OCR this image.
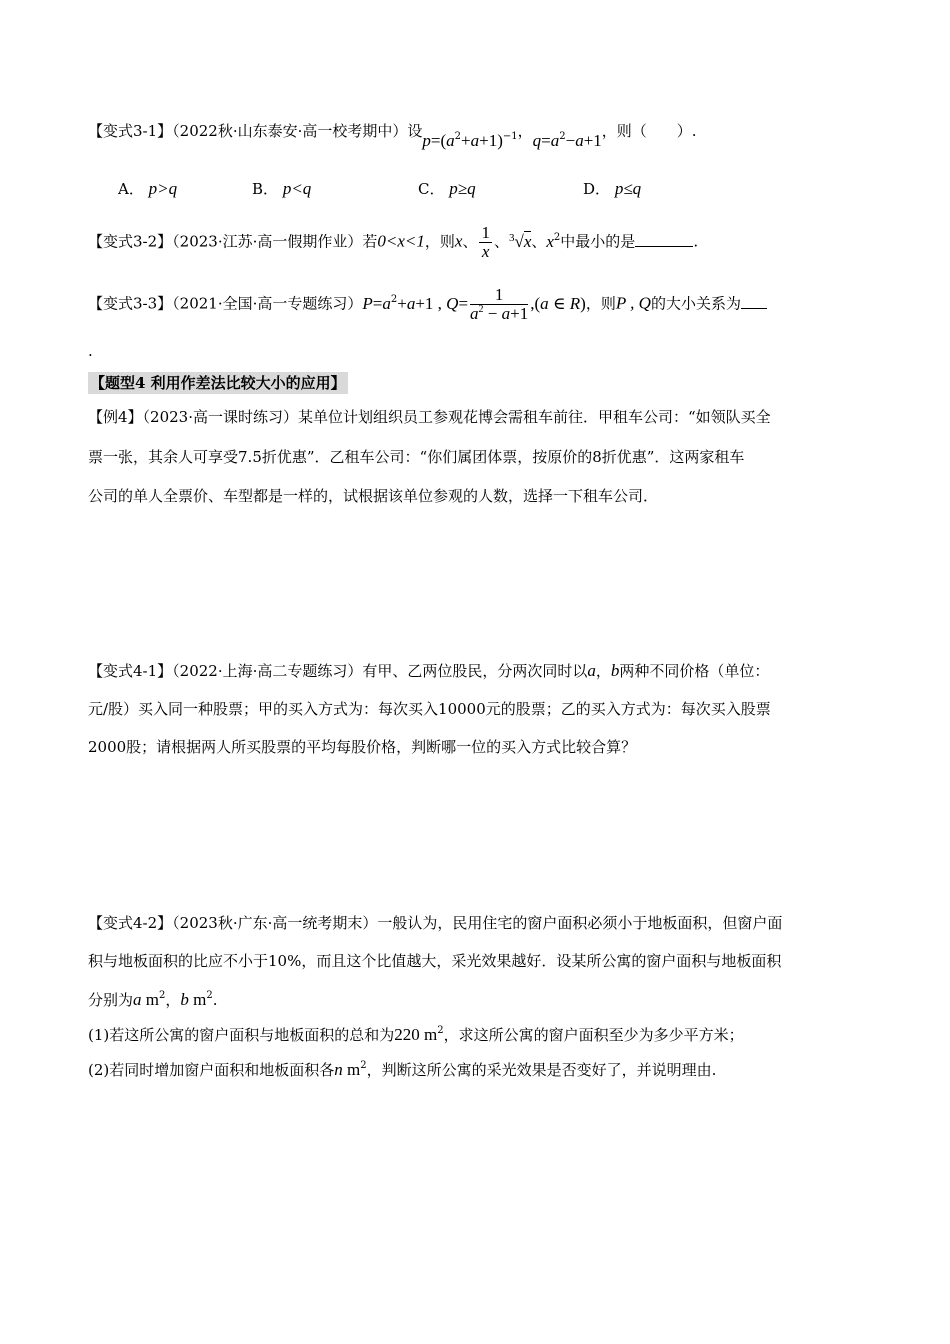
【变式3-1】（2022秋·山东泰安·高一校考期中）设$p=(a^2+a+1)^{-1}$，$q=a^2-a+1$，则（　　）.
A． p>q	B． p<q	C． p≥q	D． p≤q
【变式3-2】（2023·江苏·高一假期作业）若0<x<1，则x、 $\frac{1}{x}$ 、$^3$√x、$x^2$中最小的是	.
【变式3-3】（2021·全国·高一专题练习）$P=a^2+a+1$ , $Q= \frac{1}{a^2 - a+1} ,(a$ ∈ R)，则P , Q的大小关系为
.
【题型4 利用作差法比较大小的应用】
【例4】（2023·高一课时练习）某单位计划组织员工参观花博会需租车前往．甲租车公司：“如领队买全
票一张，其余人可享受7.5折优惠”．乙租车公司：“你们属团体票，按原价的8折优惠”．这两家租车
公司的单人全票价、车型都是一样的，试根据该单位参观的人数，选择一下租车公司．
【变式4-1】（2022·上海·高二专题练习）有甲、乙两位股民，分两次同时以a，b两种不同价格（单位：
元/股）买入同一种股票；甲的买入方式为：每次买入10000元的股票；乙的买入方式为：每次买入股票
2000股；请根据两人所买股票的平均每股价格，判断哪一位的买入方式比较合算？
【变式4-2】（2023秋·广东·高一统考期末）一般认为，民用住宅的窗户面积必须小于地板面积，但窗户面
积与地板面积的比应不小于10%，而且这个比值越大，采光效果越好．设某所公寓的窗户面积与地板面积
分别为a $m^2$，b $m^2$.
(1)若这所公寓的窗户面积与地板面积的总和为220 $m^2$，求这所公寓的窗户面积至少为多少平方米；
(2)若同时增加窗户面积和地板面积各n $m^2$，判断这所公寓的采光效果是否变好了，并说明理由.
